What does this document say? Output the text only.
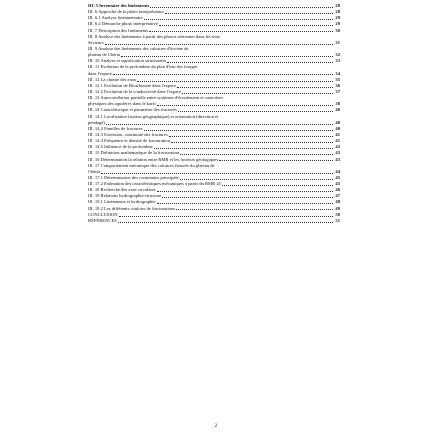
III. 5 Inventaire des linéaments	28
III. 6 Approche de la photo interprétation	28
III. 6.1 Analyse linéamentaire	29
III. 6.2 Démarche photo interprétative	29
III. 7 Description des linéaments	30
III. 8 Analyse des linéaments à partir des photos aériennes dans les trois
Secteurs	31
III. 9 Analyse des linéaments des calcaires d'éocène de
plateau de Chéria	32
III. 10 Analyse et signification structurales	33
III. 11 Evolution de la profondeur du plan d'eau des forages
dans l'espace	34
III. 12 La chimie des eaux	35
III. 12.1 Evolution de Bicarbonate dans l'espace	36
III. 12.2 Evolution de la conductivité dans l'espace	37
III. 13 Autocorrélation partielle entre systèmes d'écoulement et caractères
physiques des aquifères dans le karst	38
III. 14 Caractéristique et paramètre des fractures	40
III. 14.1 Localisation (station géographique) et orientation (direction et
pendage)	40
III. 14.2 Familles de fractures	40
III. 14.3 Extension, continuité des fractures	41
III. 14.4 Fréquence et densité de fracturation	41
III. 14.5 Influence de la profondeur	42
III. 15 Définition mathématique de la fracturation	43
III. 16 Détermination la relation entre RMR et les facteurs géologiques	43
III. 17 Comportement mécanique des calcaires fissurés du plateau de
Chéria	44
III. 17.1 Détermination des contraintes principale	45
III. 17.2 Estimation des caractéristiques mécaniques à partir du RMR 45	45
III. 18 Recherche des axes circulants	46
III. 19 Relations hydrographie-structure	47
III. 19.1 Linéaments et hydrographie	48
III. 19.2 Les différents couloirs de fracturations	49
CONCLUSION	50
RÉFÉRENCES	51
2
